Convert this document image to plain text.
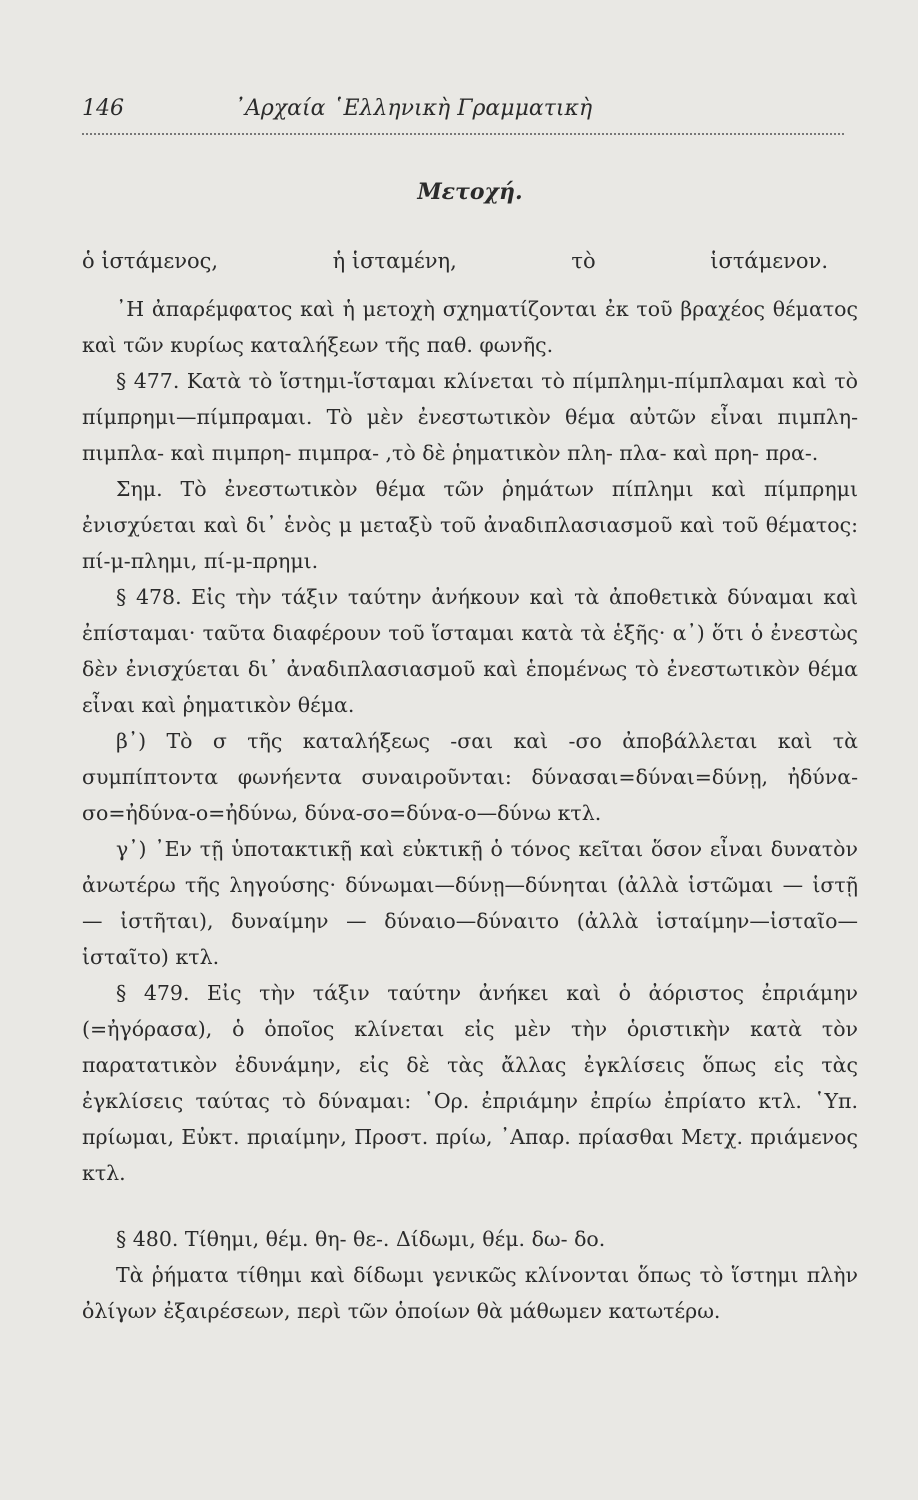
146	᾿Αρχαία ῾Ελληνικὴ Γραμματικὴ
Μετοχή.
ὁ ἱστάμενος,	ἡ ἱσταμένη,	τὸ	ἱστάμενον.

᾿Η ἀπαρέμφατος καὶ ἡ μετοχὴ σχηματίζονται ἐκ τοῦ βραχέος θέματος καὶ τῶν κυρίως καταλήξεων τῆς παθ. φωνῆς.

§ 477. Κατὰ τὸ ἵστημι-ἵσταμαι κλίνεται τὸ πίμπλημι-πίμπλαμαι καὶ τὸ πίμπρημι—πίμπραμαι. Τὸ μὲν ἐνεστωτικὸν θέμα αὐτῶν εἶναι πιμπλη- πιμπλα- καὶ πιμπρη- πιμπρα- ,τὸ δὲ ῥηματικὸν πλη- πλα- καὶ πρη- πρα-.

Σημ. Τὸ ἐνεστωτικὸν θέμα τῶν ῥημάτων πίπλημι καὶ πίμπρημι ἐνισχύεται καὶ δι᾿ ἑνὸς μ μεταξὺ τοῦ ἀναδιπλασιασμοῦ καὶ τοῦ θέματος: πί-μ-πλημι, πί-μ-πρημι.

§ 478. Εἰς τὴν τάξιν ταύτην ἀνήκουν καὶ τὰ ἀποθετικὰ δύναμαι καὶ ἐπίσταμαι· ταῦτα διαφέρουν τοῦ ἵσταμαι κατὰ τὰ ἑξῆς· α᾿) ὅτι ὁ ἐνεστὼς δὲν ἐνισχύεται δι᾿ ἀναδιπλασιασμοῦ καὶ ἑπομένως τὸ ἐνεστωτικὸν θέμα εἶναι καὶ ῥηματικὸν θέμα.

β᾿) Τὸ σ τῆς καταλήξεως -σαι καὶ -σο ἀποβάλλεται καὶ τὰ συμπίπτοντα φωνήεντα συναιροῦνται: δύνασαι=δύναι=δύνῃ, ἠδύνα-σο=ἠδύνα-ο=ἠδύνω, δύνα-σο=δύνα-ο—δύνω κτλ.

γ᾿) ᾿Εν τῇ ὑποτακτικῇ καὶ εὐκτικῇ ὁ τόνος κεῖται ὅσον εἶναι δυνατὸν ἀνωτέρω τῆς ληγούσης· δύνωμαι—δύνῃ—δύνηται (ἀλλὰ ἱστῶμαι — ἱστῇ — ἱστῆται), δυναίμην — δύναιο—δύναιτο (ἀλλὰ ἱσταίμην—ἱσταῖο—ἱσταῖτο) κτλ.

§ 479. Εἰς τὴν τάξιν ταύτην ἀνήκει καὶ ὁ ἀόριστος ἐπριάμην (=ἠγόρασα), ὁ ὁποῖος κλίνεται εἰς μὲν τὴν ὁριστικὴν κατὰ τὸν παρατατικὸν ἐδυνάμην, εἰς δὲ τὰς ἄλλας ἐγκλίσεις ὅπως εἰς τὰς ἐγκλίσεις ταύτας τὸ δύναμαι: ῾Ορ. ἐπριάμην ἐπρίω ἐπρίατο κτλ. ῾Υπ. πρίωμαι, Εὐκτ. πριαίμην, Προστ. πρίω, ᾿Απαρ. πρίασθαι Μετχ. πριάμενος κτλ.

§ 480. Τίθημι, θέμ. θη- θε-. Δίδωμι, θέμ. δω- δο.

Τὰ ῥήματα τίθημι καὶ δίδωμι γενικῶς κλίνονται ὅπως τὸ ἵστημι πλὴν ὀλίγων ἐξαιρέσεων, περὶ τῶν ὁποίων θὰ μάθωμεν κατωτέρω.
